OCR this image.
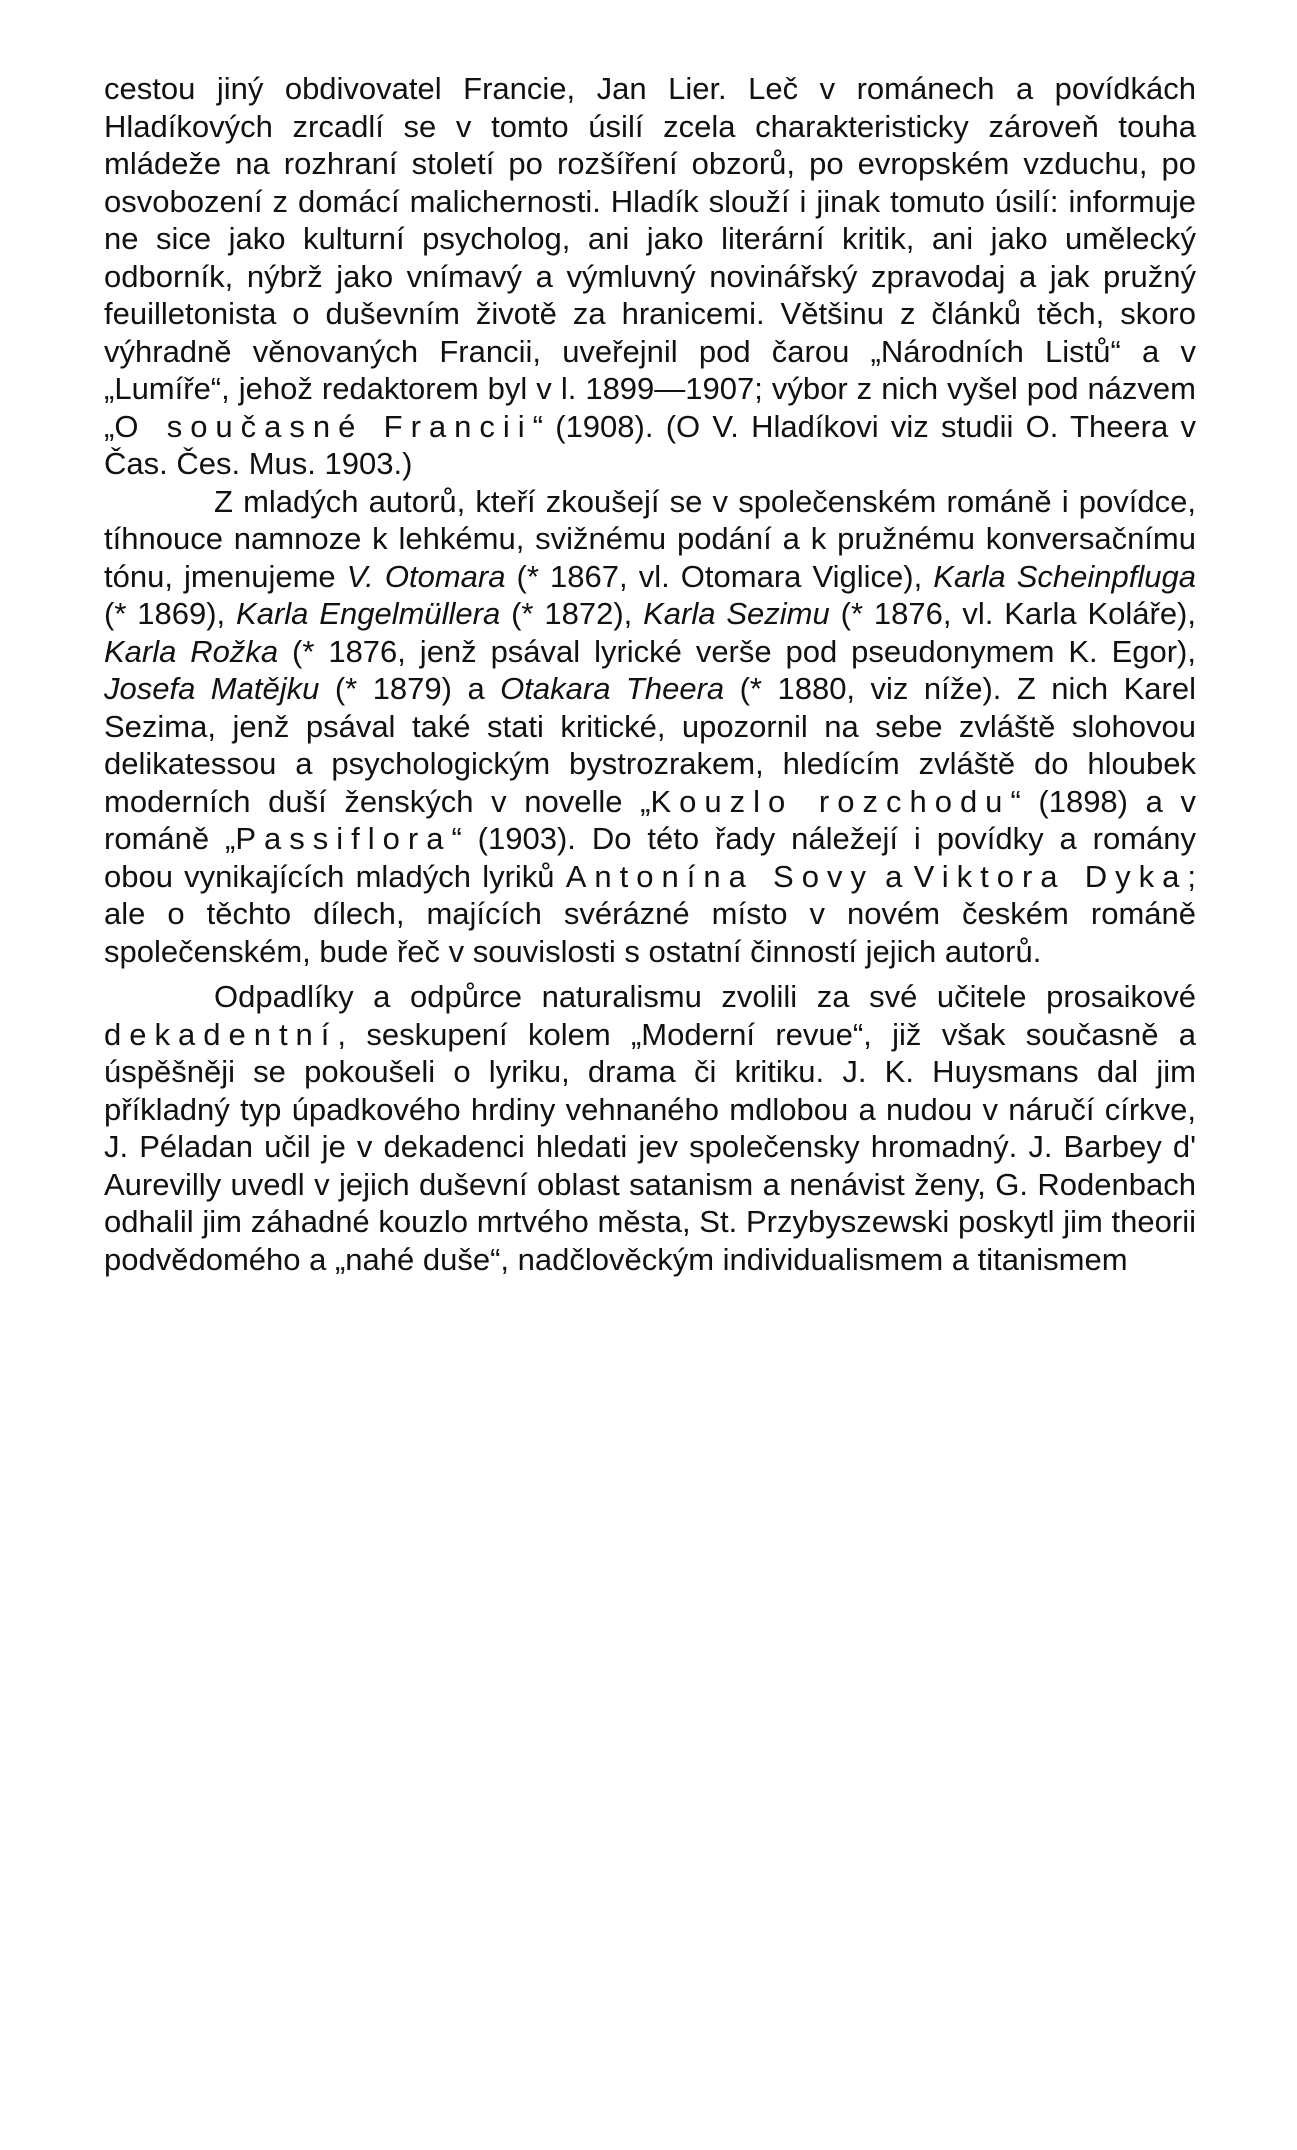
cestou jiný obdivovatel Francie, Jan Lier. Leč v románech a povídkách Hladíkových zrcadlí se v tomto úsilí zcela charakteristicky zároveň touha mládeže na rozhraní století po rozšíření obzorů, po evropském vzduchu, po osvobození z domácí malichernosti. Hladík slouží i jinak tomuto úsilí: informuje ne sice jako kulturní psycholog, ani jako literární kritik, ani jako umělecký odborník, nýbrž jako vnímavý a výmluvný novinářský zpravodaj a jak pružný feuilletonista o duševním životě za hranicemi. Většinu z článků těch, skoro výhradně věnovaných Francii, uveřejnil pod čarou „Národních Listů“ a v „Lumíře“, jehož redaktorem byl v l. 1899—1907; výbor z nich vyšel pod názvem „O současné Francii“ (1908). (O V. Hladíkovi viz studii O. Theera v Čas. Čes. Mus. 1903.)

Z mladých autorů, kteří zkoušejí se v společenském románě i povídce, tíhnouce namnoze k lehkému, svižnému podání a k pružnému konversačnímu tónu, jmenujeme V. Otomara (* 1867, vl. Otomara Viglice), Karla Scheinpfluga (* 1869), Karla Engelmüllera (* 1872), Karla Sezimu (* 1876, vl. Karla Koláře), Karla Rožka (* 1876, jenž psával lyrické verše pod pseudonymem K. Egor), Josefa Matějku (* 1879) a Otakara Theera (* 1880, viz níže). Z nich Karel Sezima, jenž psával také stati kritické, upozornil na sebe zvláště slohovou delikatessou a psychologickým bystrozrakem, hledícím zvláště do hloubek moderních duší ženských v novelle „Kouzlo rozchodu“ (1898) a v románě „Passiflora“ (1903). Do této řady náležejí i povídky a romány obou vynikajících mladých lyriků Antonína Sovy a Viktora Dyka; ale o těchto dílech, majících svérázné místo v novém českém románě společenském, bude řeč v souvislosti s ostatní činností jejich autorů.

Odpadlíky a odpůrce naturalismu zvolili za své učitele prosaikové dekadentní, seskupení kolem „Moderní revue“, již však současně a úspěšněji se pokoušeli o lyriku, drama či kritiku. J. K. Huysmans dal jim příkladný typ úpadkového hrdiny vehnaného mdlobou a nudou v náručí církve, J. Péladan učil je v dekadenci hledati jev společensky hromadný. J. Barbey d' Aurevilly uvedl v jejich duševní oblast satanism a nenávist ženy, G. Rodenbach odhalil jim záhadné kouzlo mrtvého města, St. Przybyszewski poskytl jim theorii podvědomého a „nahé duše“, nadčlověckým individualismem a titanismem
